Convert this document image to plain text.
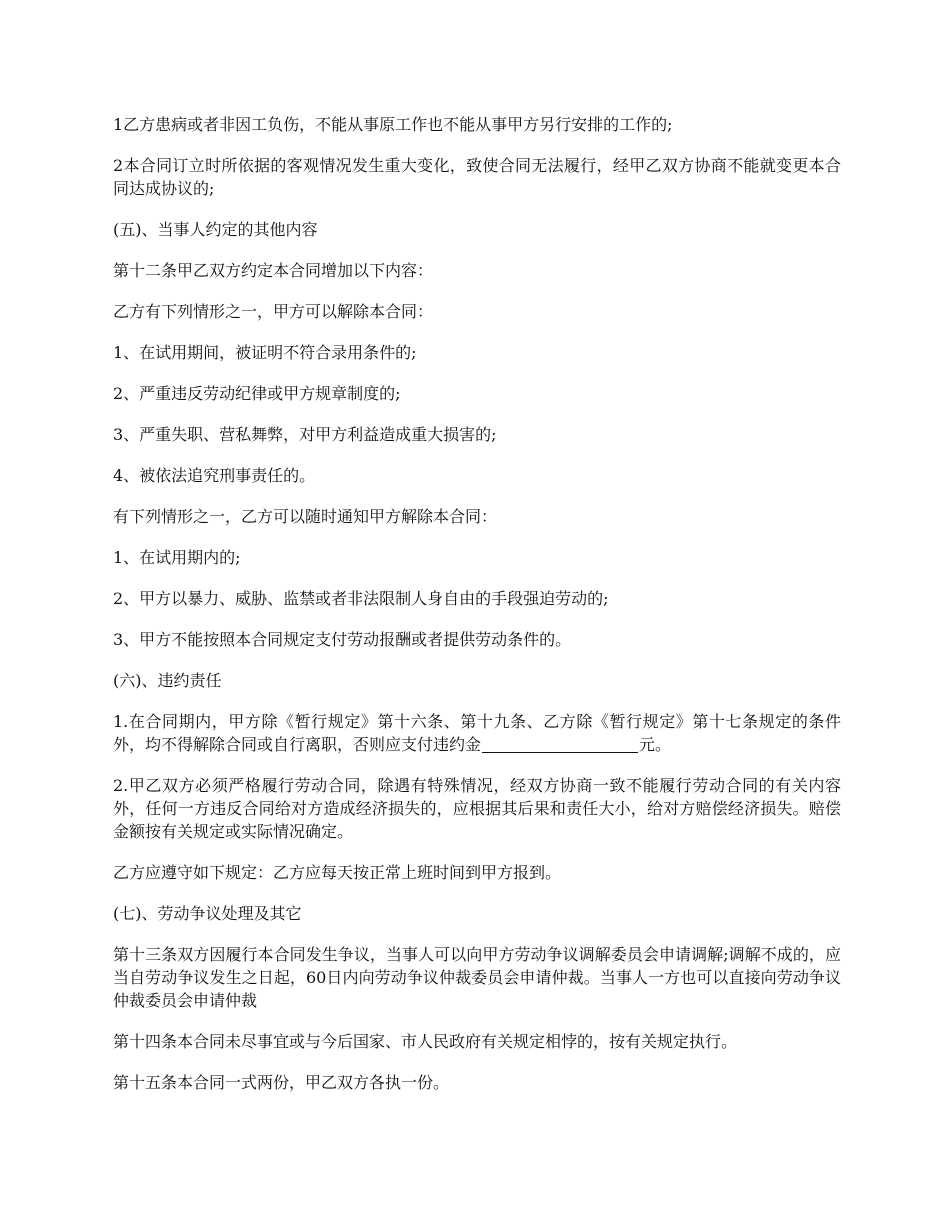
1乙方患病或者非因工负伤，不能从事原工作也不能从事甲方另行安排的工作的;

2本合同订立时所依据的客观情况发生重大变化，致使合同无法履行，经甲乙双方协商不能就变更本合同达成协议的;

(五)、当事人约定的其他内容

第十二条甲乙双方约定本合同增加以下内容：

乙方有下列情形之一，甲方可以解除本合同：

1、在试用期间，被证明不符合录用条件的;

2、严重违反劳动纪律或甲方规章制度的;

3、严重失职、营私舞弊，对甲方利益造成重大损害的;

4、被依法追究刑事责任的。

有下列情形之一，乙方可以随时通知甲方解除本合同：

1、在试用期内的;

2、甲方以暴力、威胁、监禁或者非法限制人身自由的手段强迫劳动的;

3、甲方不能按照本合同规定支付劳动报酬或者提供劳动条件的。

(六)、违约责任

1.在合同期内，甲方除《暂行规定》第十六条、第十九条、乙方除《暂行规定》第十七条规定的条件外，均不得解除合同或自行离职，否则应支付违约金	元。

2.甲乙双方必须严格履行劳动合同，除遇有特殊情况，经双方协商一致不能履行劳动合同的有关内容外，任何一方违反合同给对方造成经济损失的，应根据其后果和责任大小，给对方赔偿经济损失。赔偿金额按有关规定或实际情况确定。

乙方应遵守如下规定：乙方应每天按正常上班时间到甲方报到。

(七)、劳动争议处理及其它

第十三条双方因履行本合同发生争议，当事人可以向甲方劳动争议调解委员会申请调解;调解不成的，应当自劳动争议发生之日起，60日内向劳动争议仲裁委员会申请仲裁。当事人一方也可以直接向劳动争议仲裁委员会申请仲裁

第十四条本合同未尽事宜或与今后国家、市人民政府有关规定相悖的，按有关规定执行。

第十五条本合同一式两份，甲乙双方各执一份。
